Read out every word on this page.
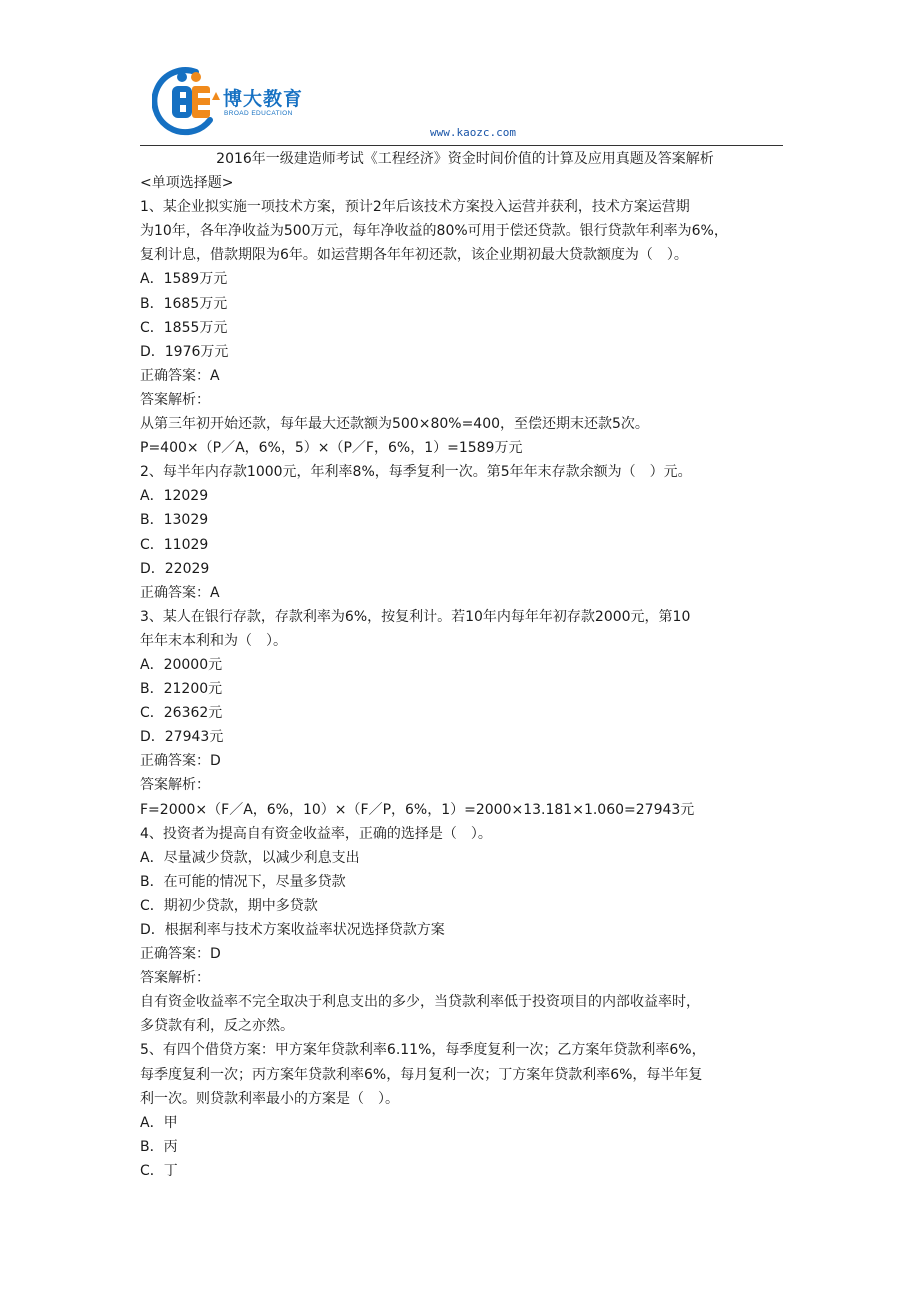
博大教育
BROAD EDUCATION
www.kaozc.com
2016年一级建造师考试《工程经济》资金时间价值的计算及应用真题及答案解析
<单项选择题>
1、某企业拟实施一项技术方案，预计2年后该技术方案投入运营并获利，技术方案运营期
为10年，各年净收益为500万元，每年净收益的80%可用于偿还贷款。银行贷款年利率为6%，
复利计息，借款期限为6年。如运营期各年年初还款，该企业期初最大贷款额度为（　）。
A．1589万元
B．1685万元
C．1855万元
D．1976万元
正确答案：A
答案解析：
从第三年初开始还款，每年最大还款额为500×80%=400，至偿还期末还款5次。
P=400×（P／A，6%，5）×（P／F，6%，1）=1589万元
2、每半年内存款1000元，年利率8%，每季复利一次。第5年年末存款余额为（　）元。
A．12029
B．13029
C．11029
D．22029
正确答案：A
3、某人在银行存款，存款利率为6%，按复利计。若10年内每年年初存款2000元，第10
年年末本利和为（　）。
A．20000元
B．21200元
C．26362元
D．27943元
正确答案：D
答案解析：
F=2000×（F／A，6%，10）×（F／P，6%，1）=2000×13.181×1.060=27943元
4、投资者为提高自有资金收益率，正确的选择是（　）。
A．尽量减少贷款，以减少利息支出
B．在可能的情况下，尽量多贷款
C．期初少贷款，期中多贷款
D．根据利率与技术方案收益率状况选择贷款方案
正确答案：D
答案解析：
自有资金收益率不完全取决于利息支出的多少，当贷款利率低于投资项目的内部收益率时，
多贷款有利，反之亦然。
5、有四个借贷方案：甲方案年贷款利率6.11%，每季度复利一次；乙方案年贷款利率6%，
每季度复利一次；丙方案年贷款利率6%，每月复利一次；丁方案年贷款利率6%，每半年复
利一次。则贷款利率最小的方案是（　）。
A．甲
B．丙
C．丁
